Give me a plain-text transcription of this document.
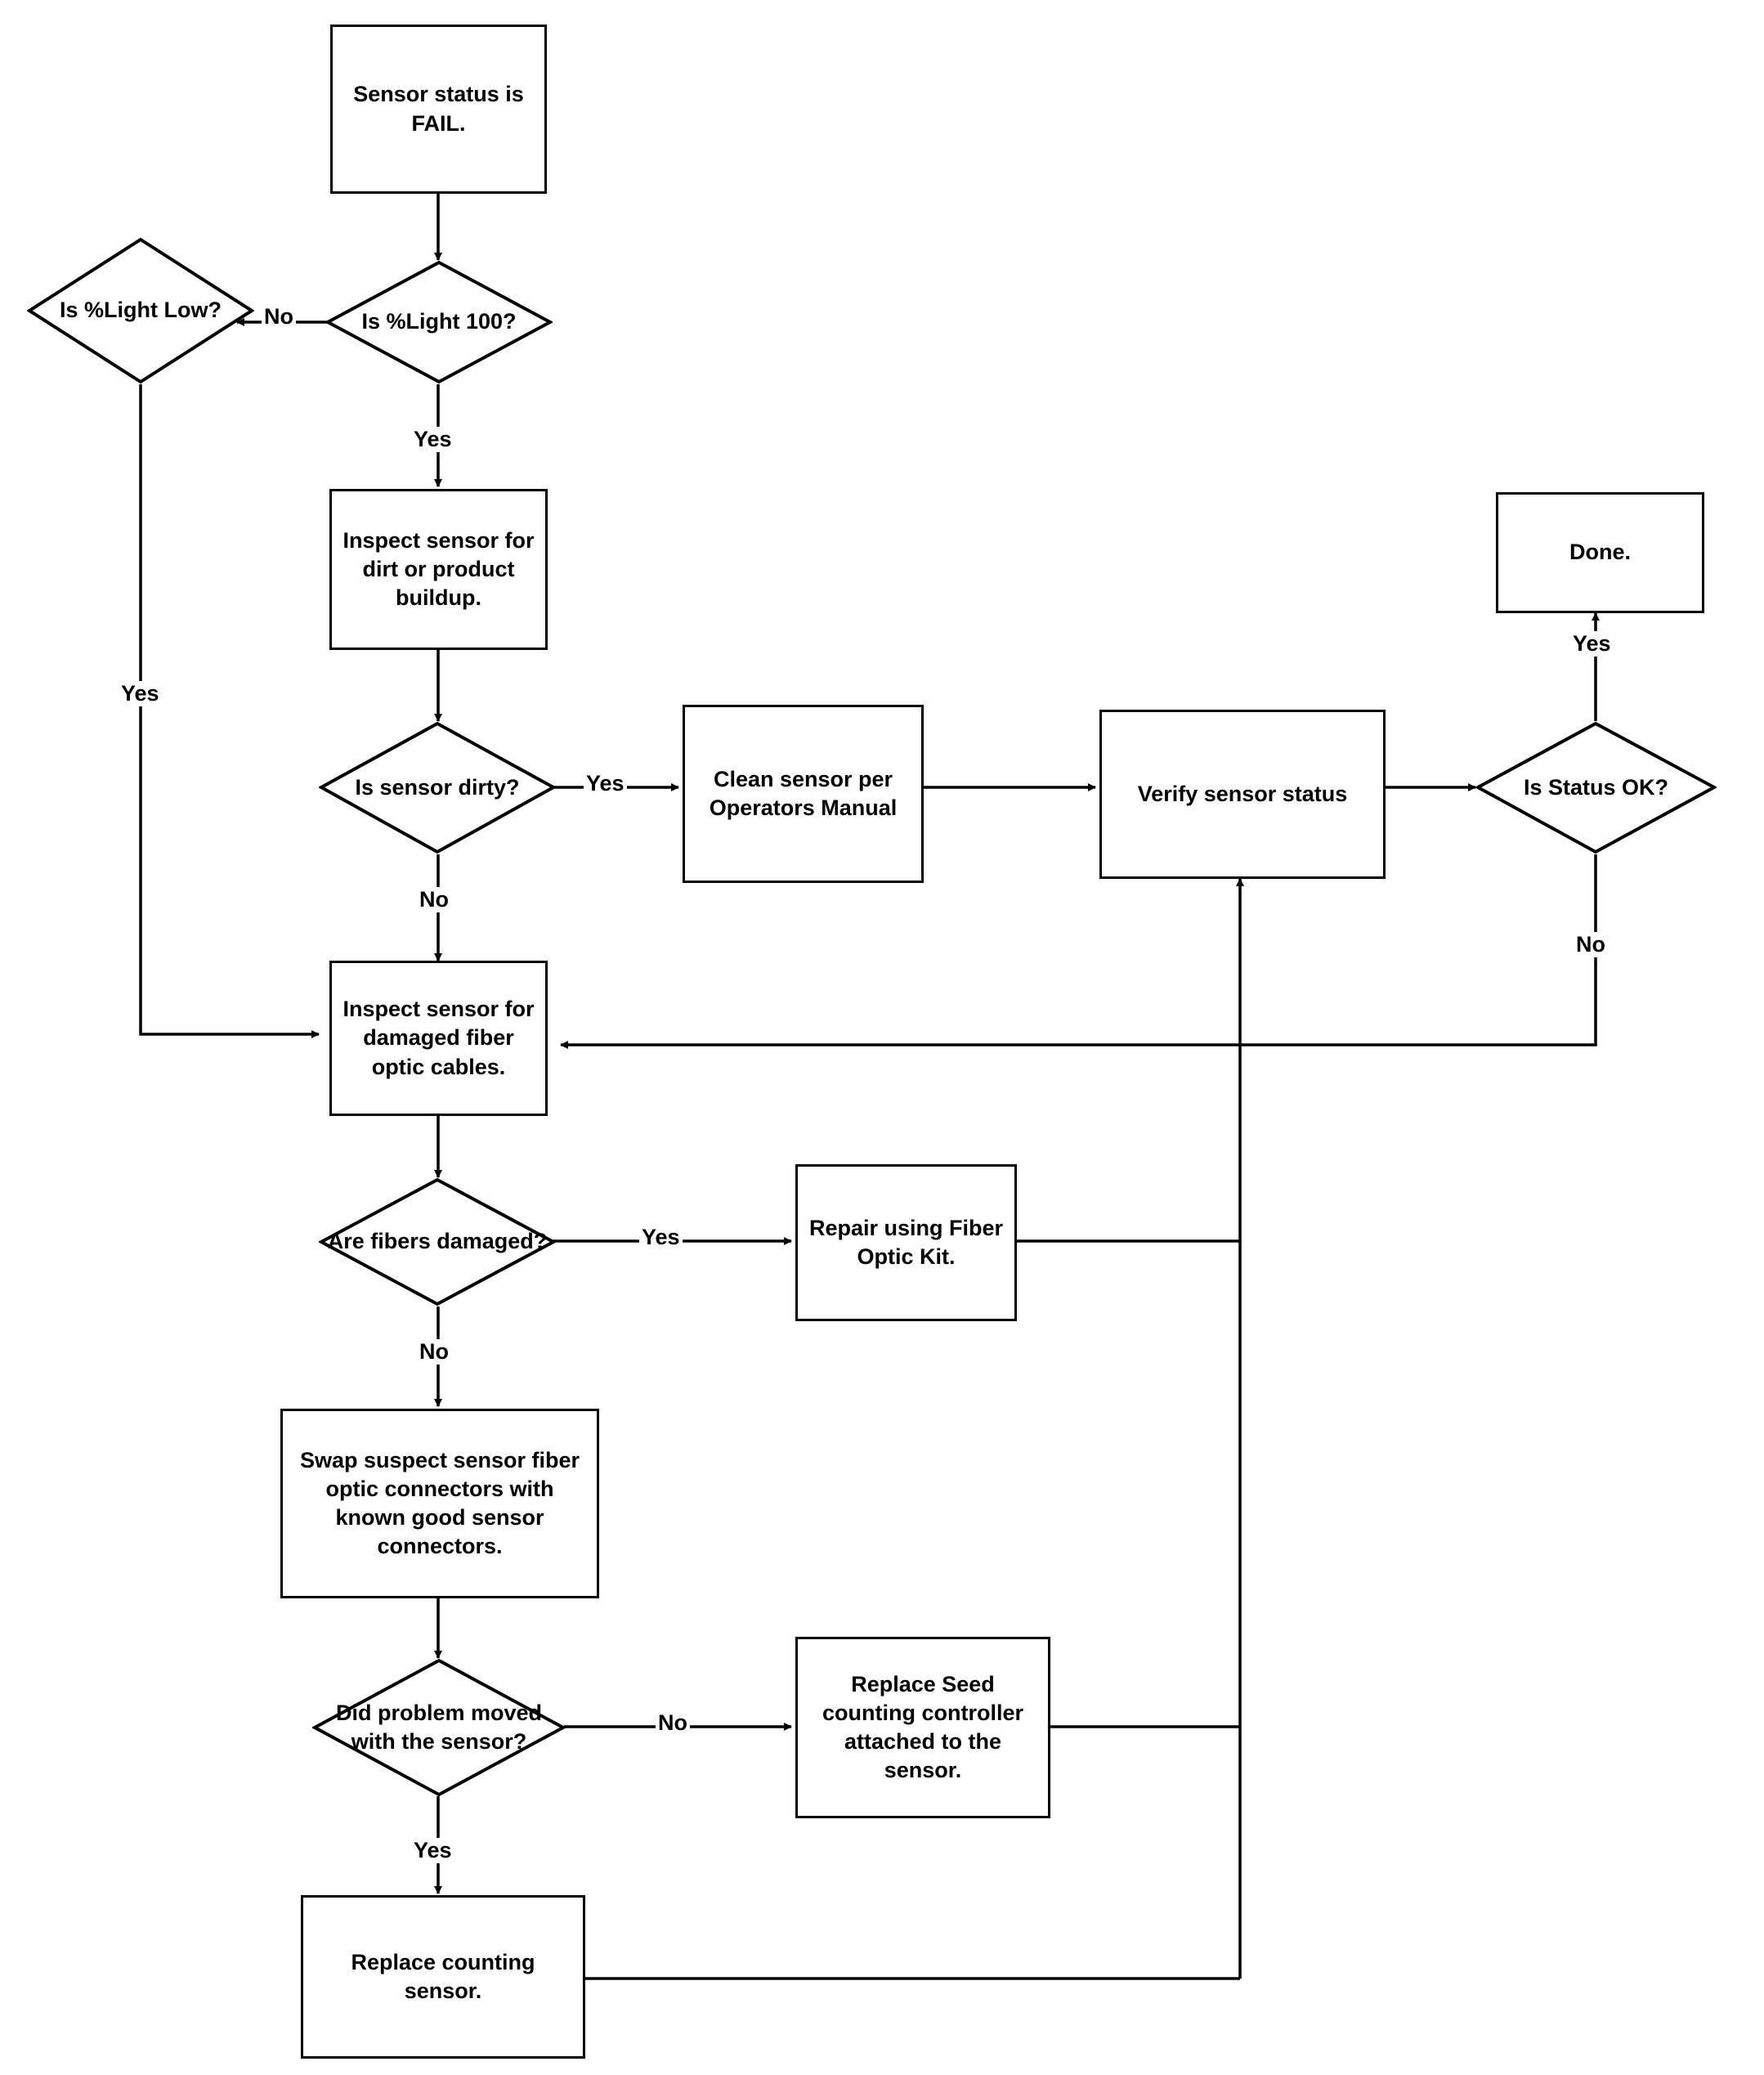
Sensor status is FAIL.
Is %Light 100?
Is %Light Low?
Inspect sensor for dirt or product buildup.
Is sensor dirty?	Clean sensor per Operators Manual
Verify sensor status	Is Status OK?
Done.
Inspect sensor for damaged fiber optic cables.
Are fibers damaged?
Repair using Fiber Optic Kit.
Swap suspect sensor fiber optic connectors with known good sensor connectors.
Did problem moved with the sensor?
Replace Seed counting controller attached to the sensor.
Replace counting sensor.
No
Yes
Yes
Yes
No
Yes
No
Yes
No
No
Yes
